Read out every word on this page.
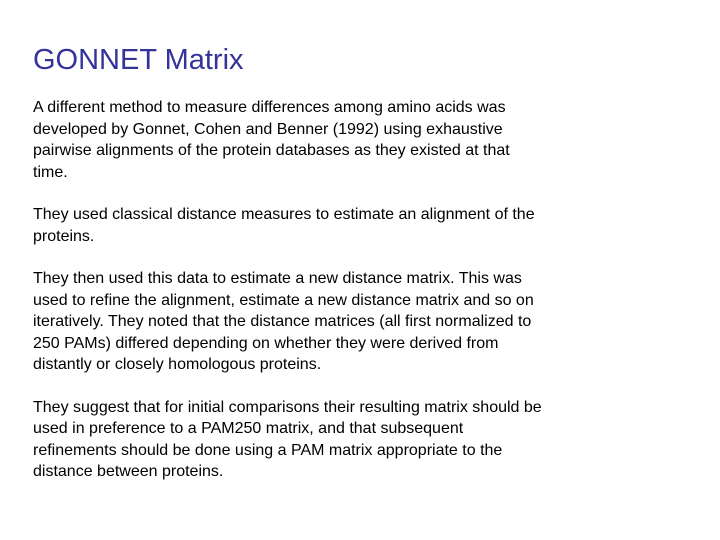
GONNET Matrix

A different method to measure differences among amino acids was
developed by Gonnet, Cohen and Benner (1992) using exhaustive
pairwise alignments of the protein databases as they existed at that
time.

They used classical distance measures to estimate an alignment of the
proteins.

They then used this data to estimate a new distance matrix. This was
used to refine the alignment, estimate a new distance matrix and so on
iteratively. They noted that the distance matrices (all first normalized to
250 PAMs) differed depending on whether they were derived from
distantly or closely homologous proteins.

They suggest that for initial comparisons their resulting matrix should be
used in preference to a PAM250 matrix, and that subsequent
refinements should be done using a PAM matrix appropriate to the
distance between proteins.
